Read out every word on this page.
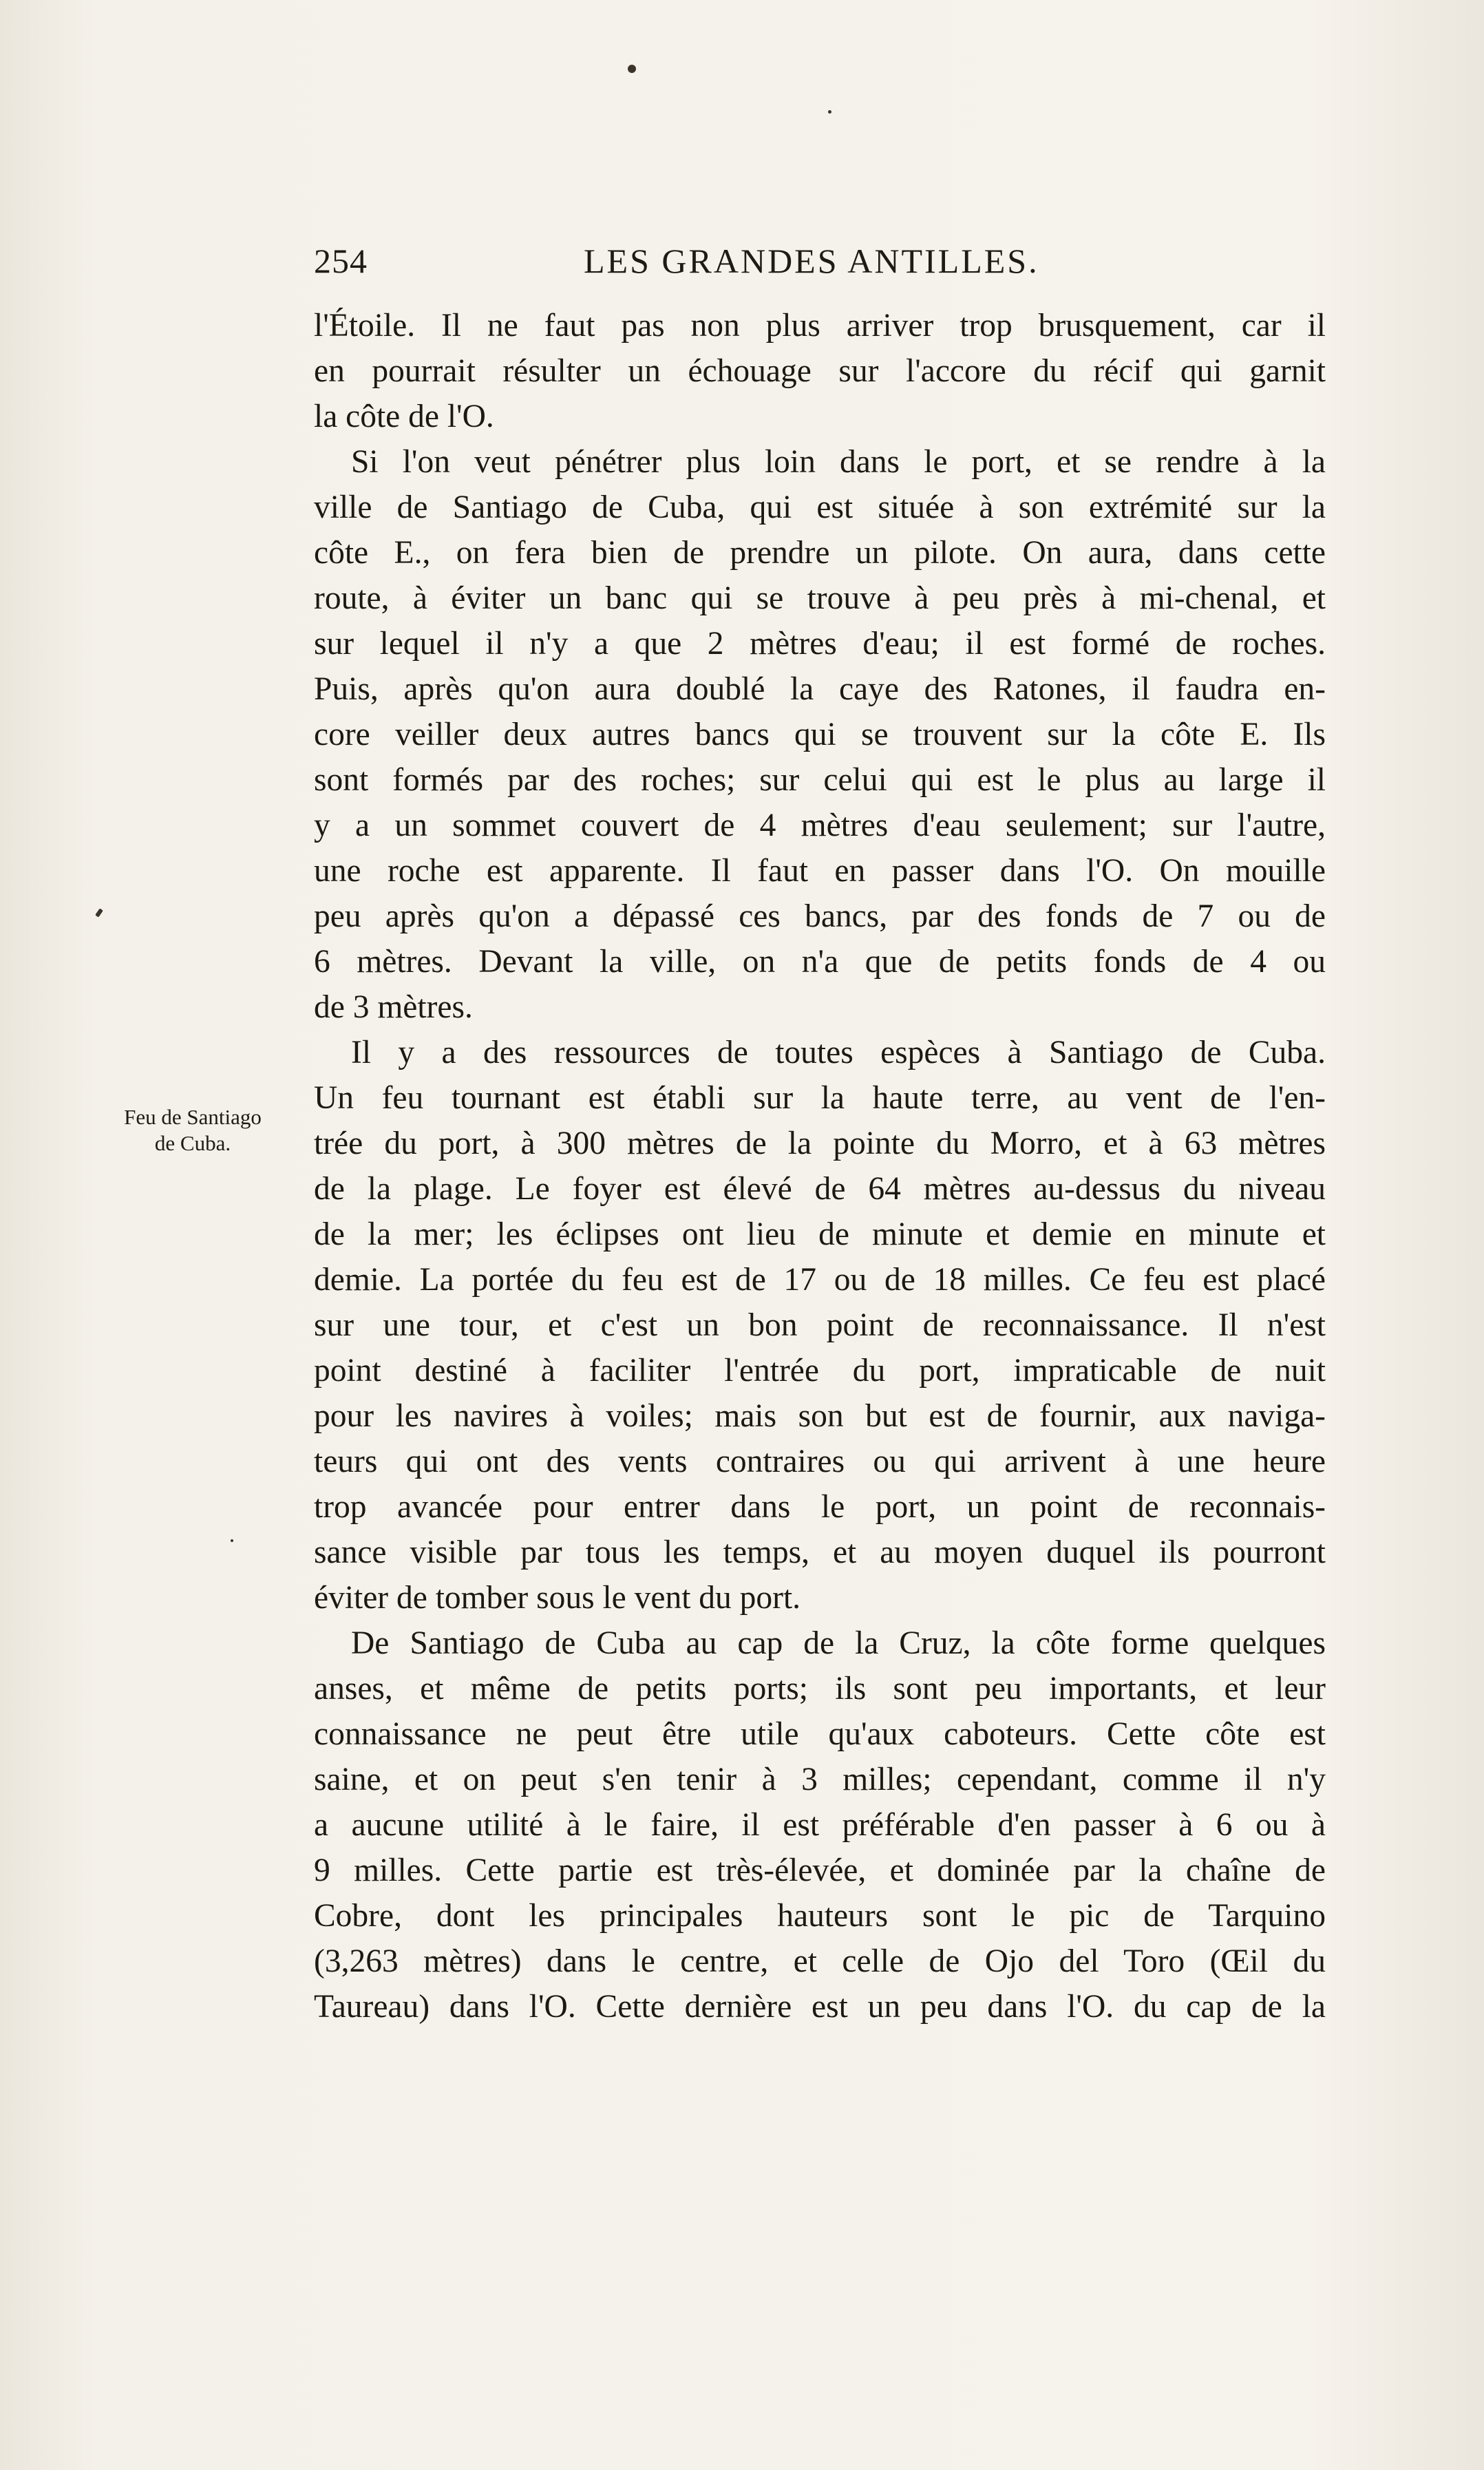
254	LES GRANDES ANTILLES.
Feu de Santiago
de Cuba.
l'Étoile. Il ne faut pas non plus arriver trop brusquement, car il
en pourrait résulter un échouage sur l'accore du récif qui garnit
la côte de l'O.
Si l'on veut pénétrer plus loin dans le port, et se rendre à la
ville de Santiago de Cuba, qui est située à son extrémité sur la
côte E., on fera bien de prendre un pilote. On aura, dans cette
route, à éviter un banc qui se trouve à peu près à mi-chenal, et
sur lequel il n'y a que 2 mètres d'eau; il est formé de roches.
Puis, après qu'on aura doublé la caye des Ratones, il faudra en-
core veiller deux autres bancs qui se trouvent sur la côte E. Ils
sont formés par des roches; sur celui qui est le plus au large il
y a un sommet couvert de 4 mètres d'eau seulement; sur l'autre,
une roche est apparente. Il faut en passer dans l'O. On mouille
peu après qu'on a dépassé ces bancs, par des fonds de 7 ou de
6 mètres. Devant la ville, on n'a que de petits fonds de 4 ou
de 3 mètres.
Il y a des ressources de toutes espèces à Santiago de Cuba.
Un feu tournant est établi sur la haute terre, au vent de l'en-
trée du port, à 300 mètres de la pointe du Morro, et à 63 mètres
de la plage. Le foyer est élevé de 64 mètres au-dessus du niveau
de la mer; les éclipses ont lieu de minute et demie en minute et
demie. La portée du feu est de 17 ou de 18 milles. Ce feu est placé
sur une tour, et c'est un bon point de reconnaissance. Il n'est
point destiné à faciliter l'entrée du port, impraticable de nuit
pour les navires à voiles; mais son but est de fournir, aux naviga-
teurs qui ont des vents contraires ou qui arrivent à une heure
trop avancée pour entrer dans le port, un point de reconnais-
sance visible par tous les temps, et au moyen duquel ils pourront
éviter de tomber sous le vent du port.
De Santiago de Cuba au cap de la Cruz, la côte forme quelques
anses, et même de petits ports; ils sont peu importants, et leur
connaissance ne peut être utile qu'aux caboteurs. Cette côte est
saine, et on peut s'en tenir à 3 milles; cependant, comme il n'y
a aucune utilité à le faire, il est préférable d'en passer à 6 ou à
9 milles. Cette partie est très-élevée, et dominée par la chaîne de
Cobre, dont les principales hauteurs sont le pic de Tarquino
(3,263 mètres) dans le centre, et celle de Ojo del Toro (Œil du
Taureau) dans l'O. Cette dernière est un peu dans l'O. du cap de la
